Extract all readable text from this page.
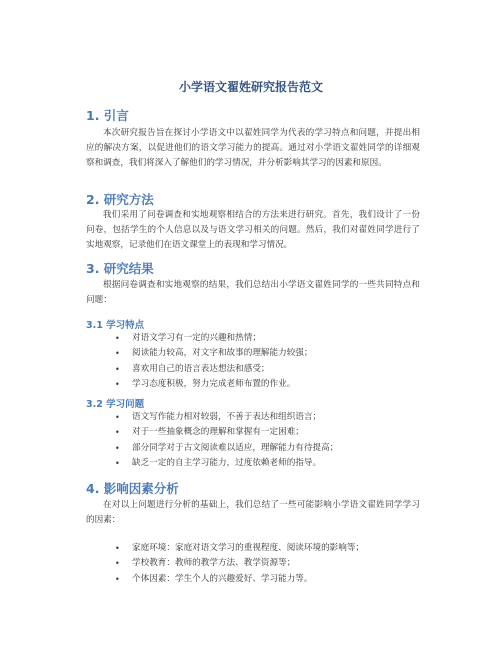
小学语文翟姓研究报告范文
1. 引言
本次研究报告旨在探讨小学语文中以翟姓同学为代表的学习特点和问题，并提出相应的解决方案，以促进他们的语文学习能力的提高。通过对小学语文翟姓同学的详细观察和调查，我们将深入了解他们的学习情况，并分析影响其学习的因素和原因。
2. 研究方法
我们采用了问卷调查和实地观察相结合的方法来进行研究。首先，我们设计了一份问卷，包括学生的个人信息以及与语文学习相关的问题。然后，我们对翟姓同学进行了实地观察，记录他们在语文课堂上的表现和学习情况。
3. 研究结果
根据问卷调查和实地观察的结果，我们总结出小学语文翟姓同学的一些共同特点和问题：
3.1 学习特点
• 对语文学习有一定的兴趣和热情；
• 阅读能力较高，对文字和故事的理解能力较强；
• 喜欢用自己的语言表达想法和感受；
• 学习态度积极，努力完成老师布置的作业。
3.2 学习问题
• 语文写作能力相对较弱，不善于表达和组织语言；
• 对于一些抽象概念的理解和掌握有一定困难；
• 部分同学对于古文阅读难以适应，理解能力有待提高；
• 缺乏一定的自主学习能力，过度依赖老师的指导。
4. 影响因素分析
在对以上问题进行分析的基础上，我们总结了一些可能影响小学语文翟姓同学学习的因素：
• 家庭环境：家庭对语文学习的重视程度、阅读环境的影响等；
• 学校教育：教师的教学方法、教学资源等；
• 个体因素：学生个人的兴趣爱好、学习能力等。
